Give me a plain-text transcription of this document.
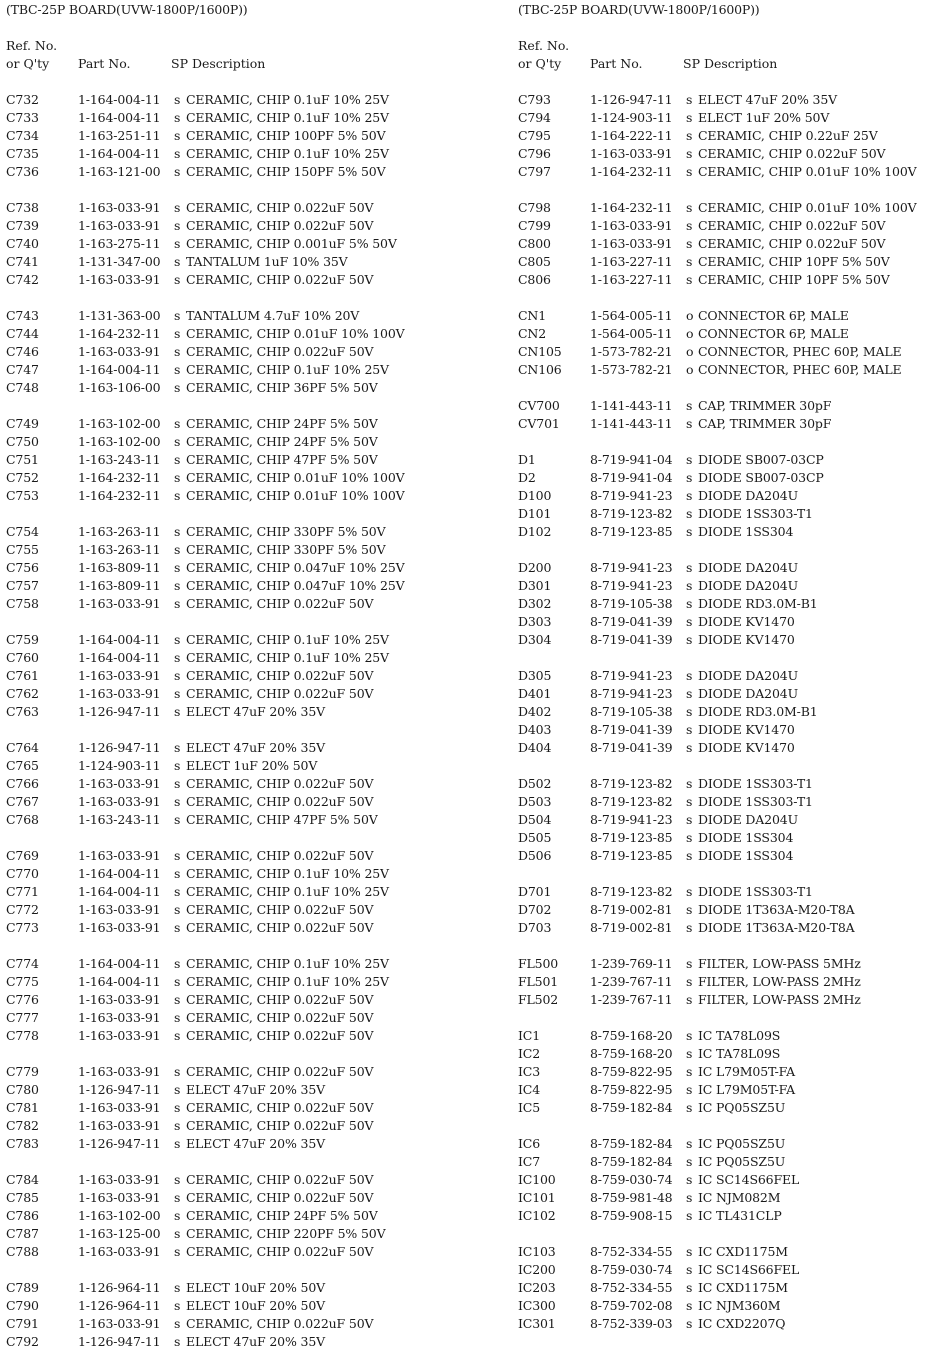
(TBC-25P BOARD(UVW-1800P/1600P))
Ref. No.
or Q'ty	Part No.	SP Description
C732	1-164-004-11	s CERAMIC, CHIP 0.1uF 10% 25V
C733	1-164-004-11	s CERAMIC, CHIP 0.1uF 10% 25V
C734	1-163-251-11	s CERAMIC, CHIP 100PF 5% 50V
C735	1-164-004-11	s CERAMIC, CHIP 0.1uF 10% 25V
C736	1-163-121-00	s CERAMIC, CHIP 150PF 5% 50V
C738	1-163-033-91	s CERAMIC, CHIP 0.022uF 50V
C739	1-163-033-91	s CERAMIC, CHIP 0.022uF 50V
C740	1-163-275-11	s CERAMIC, CHIP 0.001uF 5% 50V
C741	1-131-347-00	s TANTALUM 1uF 10% 35V
C742	1-163-033-91	s CERAMIC, CHIP 0.022uF 50V
C743	1-131-363-00	s TANTALUM 4.7uF 10% 20V
C744	1-164-232-11	s CERAMIC, CHIP 0.01uF 10% 100V
C746	1-163-033-91	s CERAMIC, CHIP 0.022uF 50V
C747	1-164-004-11	s CERAMIC, CHIP 0.1uF 10% 25V
C748	1-163-106-00	s CERAMIC, CHIP 36PF 5% 50V
C749	1-163-102-00	s CERAMIC, CHIP 24PF 5% 50V
C750	1-163-102-00	s CERAMIC, CHIP 24PF 5% 50V
C751	1-163-243-11	s CERAMIC, CHIP 47PF 5% 50V
C752	1-164-232-11	s CERAMIC, CHIP 0.01uF 10% 100V
C753	1-164-232-11	s CERAMIC, CHIP 0.01uF 10% 100V
C754	1-163-263-11	s CERAMIC, CHIP 330PF 5% 50V
C755	1-163-263-11	s CERAMIC, CHIP 330PF 5% 50V
C756	1-163-809-11	s CERAMIC, CHIP 0.047uF 10% 25V
C757	1-163-809-11	s CERAMIC, CHIP 0.047uF 10% 25V
C758	1-163-033-91	s CERAMIC, CHIP 0.022uF 50V
C759	1-164-004-11	s CERAMIC, CHIP 0.1uF 10% 25V
C760	1-164-004-11	s CERAMIC, CHIP 0.1uF 10% 25V
C761	1-163-033-91	s CERAMIC, CHIP 0.022uF 50V
C762	1-163-033-91	s CERAMIC, CHIP 0.022uF 50V
C763	1-126-947-11	s ELECT 47uF 20% 35V
C764	1-126-947-11	s ELECT 47uF 20% 35V
C765	1-124-903-11	s ELECT 1uF 20% 50V
C766	1-163-033-91	s CERAMIC, CHIP 0.022uF 50V
C767	1-163-033-91	s CERAMIC, CHIP 0.022uF 50V
C768	1-163-243-11	s CERAMIC, CHIP 47PF 5% 50V
C769	1-163-033-91	s CERAMIC, CHIP 0.022uF 50V
C770	1-164-004-11	s CERAMIC, CHIP 0.1uF 10% 25V
C771	1-164-004-11	s CERAMIC, CHIP 0.1uF 10% 25V
C772	1-163-033-91	s CERAMIC, CHIP 0.022uF 50V
C773	1-163-033-91	s CERAMIC, CHIP 0.022uF 50V
C774	1-164-004-11	s CERAMIC, CHIP 0.1uF 10% 25V
C775	1-164-004-11	s CERAMIC, CHIP 0.1uF 10% 25V
C776	1-163-033-91	s CERAMIC, CHIP 0.022uF 50V
C777	1-163-033-91	s CERAMIC, CHIP 0.022uF 50V
C778	1-163-033-91	s CERAMIC, CHIP 0.022uF 50V
C779	1-163-033-91	s CERAMIC, CHIP 0.022uF 50V
C780	1-126-947-11	s ELECT 47uF 20% 35V
C781	1-163-033-91	s CERAMIC, CHIP 0.022uF 50V
C782	1-163-033-91	s CERAMIC, CHIP 0.022uF 50V
C783	1-126-947-11	s ELECT 47uF 20% 35V
C784	1-163-033-91	s CERAMIC, CHIP 0.022uF 50V
C785	1-163-033-91	s CERAMIC, CHIP 0.022uF 50V
C786	1-163-102-00	s CERAMIC, CHIP 24PF 5% 50V
C787	1-163-125-00	s CERAMIC, CHIP 220PF 5% 50V
C788	1-163-033-91	s CERAMIC, CHIP 0.022uF 50V
C789	1-126-964-11	s ELECT 10uF 20% 50V
C790	1-126-964-11	s ELECT 10uF 20% 50V
C791	1-163-033-91	s CERAMIC, CHIP 0.022uF 50V
C792	1-126-947-11	s ELECT 47uF 20% 35V
(TBC-25P BOARD(UVW-1800P/1600P))
Ref. No.
or Q'ty	Part No.	SP Description
C793	1-126-947-11	s ELECT 47uF 20% 35V
C794	1-124-903-11	s ELECT 1uF 20% 50V
C795	1-164-222-11	s CERAMIC, CHIP 0.22uF 25V
C796	1-163-033-91	s CERAMIC, CHIP 0.022uF 50V
C797	1-164-232-11	s CERAMIC, CHIP 0.01uF 10% 100V
C798	1-164-232-11	s CERAMIC, CHIP 0.01uF 10% 100V
C799	1-163-033-91	s CERAMIC, CHIP 0.022uF 50V
C800	1-163-033-91	s CERAMIC, CHIP 0.022uF 50V
C805	1-163-227-11	s CERAMIC, CHIP 10PF 5% 50V
C806	1-163-227-11	s CERAMIC, CHIP 10PF 5% 50V
CN1	1-564-005-11	o CONNECTOR 6P, MALE
CN2	1-564-005-11	o CONNECTOR 6P, MALE
CN105	1-573-782-21	o CONNECTOR, PHEC 60P, MALE
CN106	1-573-782-21	o CONNECTOR, PHEC 60P, MALE
CV700	1-141-443-11	s CAP, TRIMMER 30pF
CV701	1-141-443-11	s CAP, TRIMMER 30pF
D1	8-719-941-04	s DIODE SB007-03CP
D2	8-719-941-04	s DIODE SB007-03CP
D100	8-719-941-23	s DIODE DA204U
D101	8-719-123-82	s DIODE 1SS303-T1
D102	8-719-123-85	s DIODE 1SS304
D200	8-719-941-23	s DIODE DA204U
D301	8-719-941-23	s DIODE DA204U
D302	8-719-105-38	s DIODE RD3.0M-B1
D303	8-719-041-39	s DIODE KV1470
D304	8-719-041-39	s DIODE KV1470
D305	8-719-941-23	s DIODE DA204U
D401	8-719-941-23	s DIODE DA204U
D402	8-719-105-38	s DIODE RD3.0M-B1
D403	8-719-041-39	s DIODE KV1470
D404	8-719-041-39	s DIODE KV1470
D502	8-719-123-82	s DIODE 1SS303-T1
D503	8-719-123-82	s DIODE 1SS303-T1
D504	8-719-941-23	s DIODE DA204U
D505	8-719-123-85	s DIODE 1SS304
D506	8-719-123-85	s DIODE 1SS304
D701	8-719-123-82	s DIODE 1SS303-T1
D702	8-719-002-81	s DIODE 1T363A-M20-T8A
D703	8-719-002-81	s DIODE 1T363A-M20-T8A
FL500	1-239-769-11	s FILTER, LOW-PASS 5MHz
FL501	1-239-767-11	s FILTER, LOW-PASS 2MHz
FL502	1-239-767-11	s FILTER, LOW-PASS 2MHz
IC1	8-759-168-20	s IC TA78L09S
IC2	8-759-168-20	s IC TA78L09S
IC3	8-759-822-95	s IC L79M05T-FA
IC4	8-759-822-95	s IC L79M05T-FA
IC5	8-759-182-84	s IC PQ05SZ5U
IC6	8-759-182-84	s IC PQ05SZ5U
IC7	8-759-182-84	s IC PQ05SZ5U
IC100	8-759-030-74	s IC SC14S66FEL
IC101	8-759-981-48	s IC NJM082M
IC102	8-759-908-15	s IC TL431CLP
IC103	8-752-334-55	s IC CXD1175M
IC200	8-759-030-74	s IC SC14S66FEL
IC203	8-752-334-55	s IC CXD1175M
IC300	8-759-702-08	s IC NJM360M
IC301	8-752-339-03	s IC CXD2207Q
